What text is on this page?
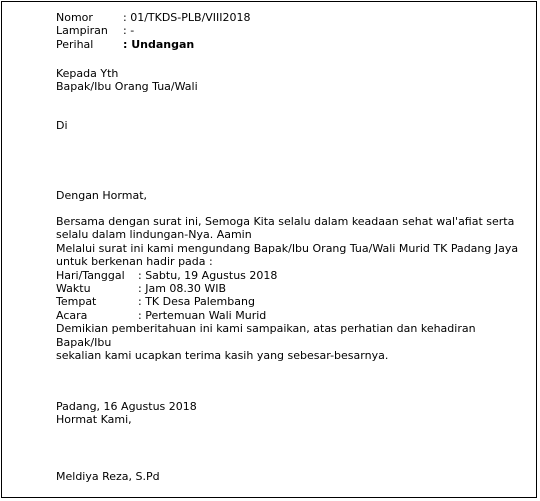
Nomor	: 01/TKDS-PLB/VIII2018
Lampiran	: -
Perihal	: Undangan

Kepada Yth

Bapak/Ibu Orang Tua/Wali

Di

Dengan Hormat,

Bersama dengan surat ini, Semoga Kita selalu dalam keadaan sehat wal'afiat serta

selalu dalam lindungan-Nya. Aamin

Melalui surat ini kami mengundang Bapak/Ibu Orang Tua/Wali Murid TK Padang Jaya

untuk berkenan hadir pada :

Hari/Tanggal	: Sabtu, 19 Agustus 2018
Waktu	: Jam 08.30 WIB
Tempat	: TK Desa Palembang
Acara	: Pertemuan Wali Murid

Demikian pemberitahuan ini kami sampaikan, atas perhatian dan kehadiran Bapak/Ibu

sekalian kami ucapkan terima kasih yang sebesar-besarnya.

Padang, 16 Agustus 2018

Hormat Kami,

Meldiya Reza, S.Pd
